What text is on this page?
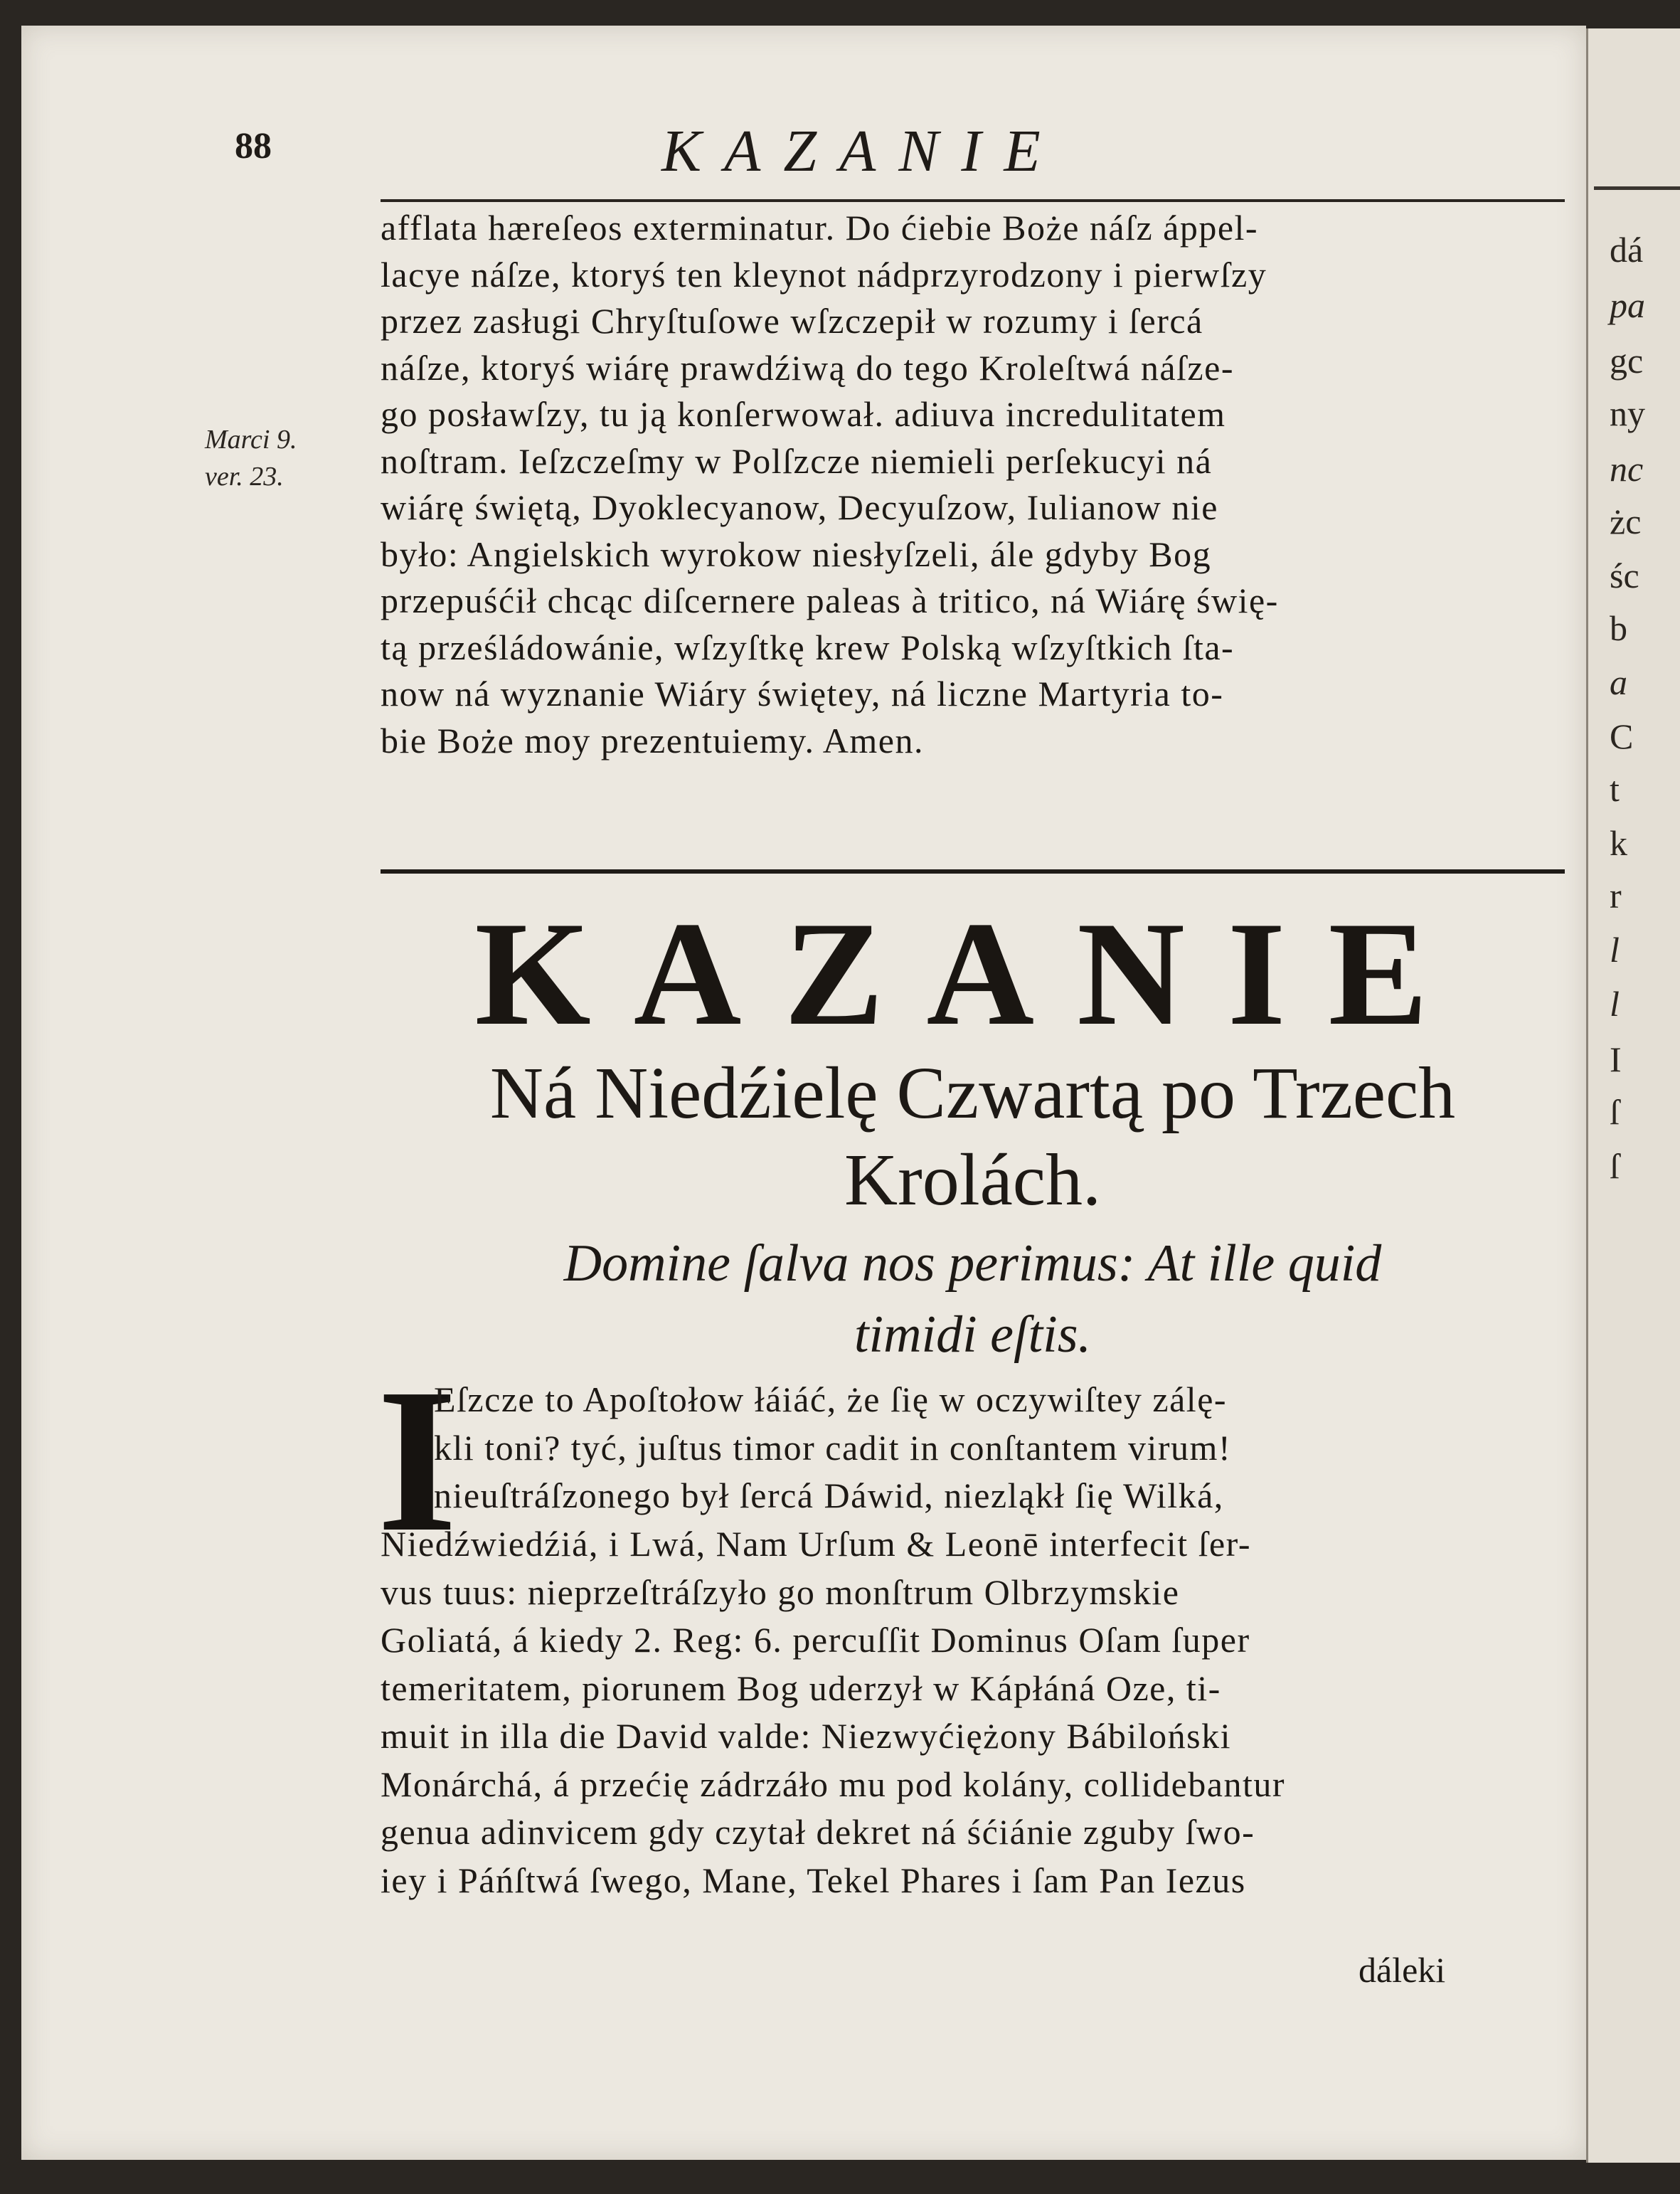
88	KAZANIE
Marci 9.
ver. 23.
afflata hæreſeos exterminatur. Do ćiebie Boże náſz áppel-
lacye náſze, ktoryś ten kleynot nádprzyrodzony i pierwſzy
przez zasługi Chryſtuſowe wſzczepił w rozumy i ſercá
náſze, ktoryś wiárę prawdźiwą do tego Kroleſtwá náſze-
go posławſzy, tu ją konſerwował. adiuva incredulitatem
noſtram. Ieſzczeſmy w Polſzcze niemieli perſekucyi ná
wiárę świętą, Dyoklecyanow, Decyuſzow, Iulianow nie
było: Angielskich wyrokow niesłyſzeli, ále gdyby Bog
przepuśćił chcąc diſcernere paleas à tritico, ná Wiárę świę-
tą prześládowánie, wſzyſtkę krew Polską wſzyſtkich ſta-
now ná wyznanie Wiáry świętey, ná liczne Martyria to-
bie Boże moy prezentuiemy. Amen.
KAZANIE
Ná Niedźielę Czwartą po Trzech
Krolách.
Domine ſalva nos perimus: At ille quid
timidi eſtis.
I
Eſzcze to Apoſtołow łáiáć, że ſię w oczywiſtey zálę-
kli toni? tyć, juſtus timor cadit in conſtantem virum!
nieuſtráſzonego był ſercá Dáwid, niezląkł ſię Wilká,
Niedźwiedźiá, i Lwá, Nam Urſum & Leonē interfecit ſer-
vus tuus: nieprzeſtráſzyło go monſtrum Olbrzymskie
Goliatá, á kiedy 2. Reg: 6. percuſſit Dominus Oſam ſuper
temeritatem, piorunem Bog uderzył w Kápłáná Oze, ti-
muit in illa die David valde: Niezwyćiężony Bábiloński
Monárchá, á przećię zádrzáło mu pod kolány, collidebantur
genua adinvicem gdy czytał dekret ná śćiánie zguby ſwo-
iey i Páńſtwá ſwego, Mane, Tekel Phares i ſam Pan Iezus
dáleki
dá
pa
gc
ny
nc
żc
śc
b
a
C
t
k
r
l
l
I
ſ
ſ
